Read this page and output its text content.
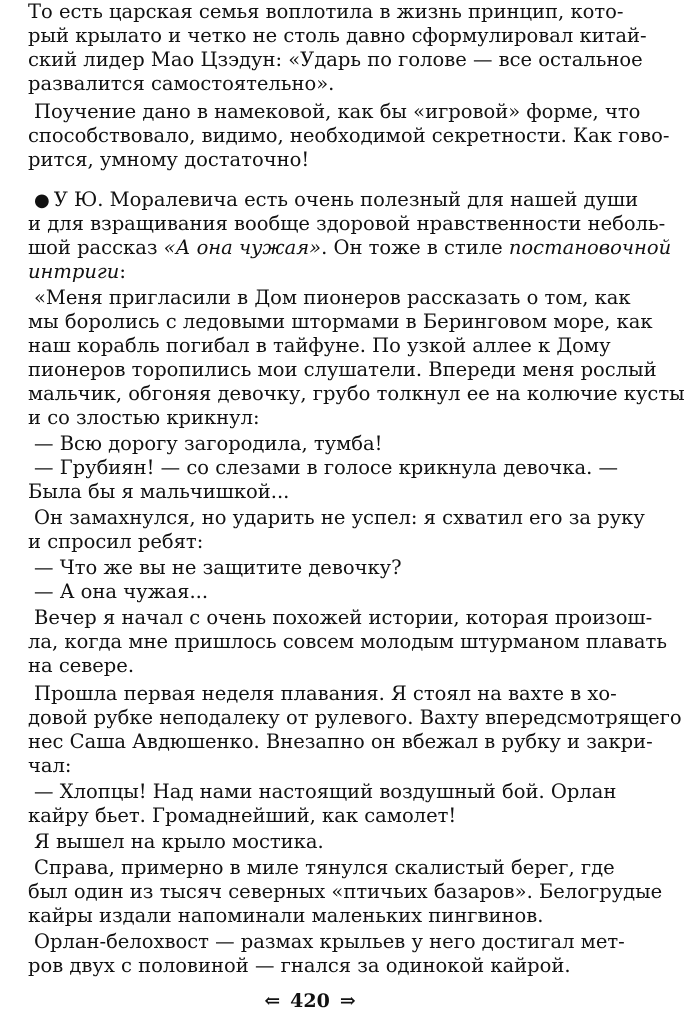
То есть царская семья воплотила в жизнь принцип, кото-
рый крылато и четко не столь давно сформулировал китай-
ский лидер Мао Цзэдун: «Ударь по голове — все остальное
развалится самостоятельно».
Поучение дано в намековой, как бы «игровой» форме, что
способствовало, видимо, необходимой секретности. Как гово-
рится, умному достаточно!
● У Ю. Моралевича есть очень полезный для нашей души
и для взращивания вообще здоровой нравственности неболь-
шой рассказ «А она чужая». Он тоже в стиле постановочной
интриги:
«Меня пригласили в Дом пионеров рассказать о том, как
мы боролись с ледовыми штормами в Беринговом море, как
наш корабль погибал в тайфуне. По узкой аллее к Дому
пионеров торопились мои слушатели. Впереди меня рослый
мальчик, обгоняя девочку, грубо толкнул ее на колючие кусты
и со злостью крикнул:
— Всю дорогу загородила, тумба!
— Грубиян! — со слезами в голосе крикнула девочка. —
Была бы я мальчишкой...
Он замахнулся, но ударить не успел: я схватил его за руку
и спросил ребят:
— Что же вы не защитите девочку?
— А она чужая...
Вечер я начал с очень похожей истории, которая произош-
ла, когда мне пришлось совсем молодым штурманом плавать
на севере.
Прошла первая неделя плавания. Я стоял на вахте в хо-
довой рубке неподалеку от рулевого. Вахту впередсмотрящего
нес Саша Авдюшенко. Внезапно он вбежал в рубку и закри-
чал:
— Хлопцы! Над нами настоящий воздушный бой. Орлан
кайру бьет. Громаднейший, как самолет!
Я вышел на крыло мостика.
Справа, примерно в миле тянулся скалистый берег, где
был один из тысяч северных «птичьих базаров». Белогрудые
кайры издали напоминали маленьких пингвинов.
Орлан-белохвост — размах крыльев у него достигал мет-
ров двух с половиной — гнался за одинокой кайрой.
⇐ 420 ⇒
